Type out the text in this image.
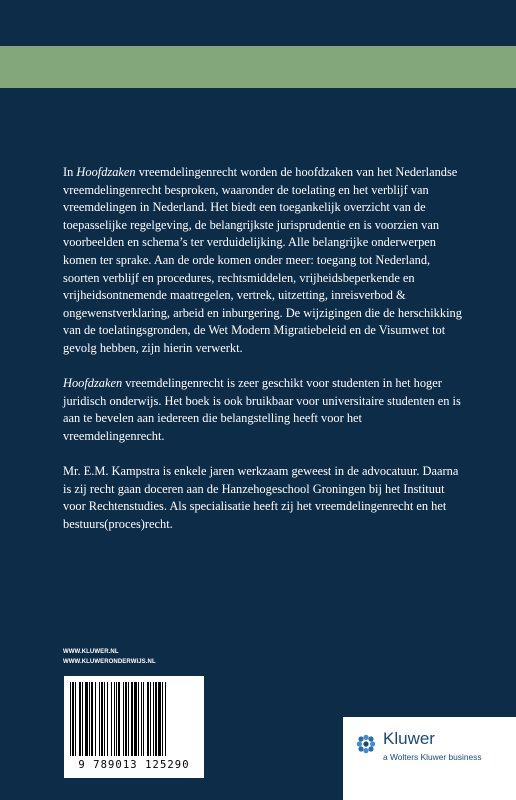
In Hoofdzaken vreemdelingenrecht worden de hoofdzaken van het Nederlandse vreemdelingenrecht besproken, waaronder de toelating en het verblijf van vreemdelingen in Nederland. Het biedt een toegankelijk overzicht van de toepasselijke regelgeving, de belangrijkste jurisprudentie en is voorzien van voorbeelden en schema’s ter verduidelijking. Alle belangrijke onderwerpen komen ter sprake. Aan de orde komen onder meer: toegang tot Nederland, soorten verblijf en procedures, rechtsmiddelen, vrijheidsbeperkende en vrijheidsontnemende maatregelen, vertrek, uitzetting, inreisverbod & ongewenstverklaring, arbeid en inburgering. De wijzigingen die de herschikking van de toelatingsgronden, de Wet Modern Migratiebeleid en de Visumwet tot gevolg hebben, zijn hierin verwerkt.

Hoofdzaken vreemdelingenrecht is zeer geschikt voor studenten in het hoger juridisch onderwijs. Het boek is ook bruikbaar voor universitaire studenten en is aan te bevelen aan iedereen die belangstelling heeft voor het vreemdelingenrecht.

Mr. E.M. Kampstra is enkele jaren werkzaam geweest in de advocatuur. Daarna is zij recht gaan doceren aan de Hanzehogeschool Groningen bij het Instituut voor Rechtenstudies. Als specialisatie heeft zij het vreemdelingenrecht en het bestuurs(proces)recht.

WWW.KLUWER.NL
WWW.KLUWERONDERWIJS.NL
9 789013 125290
Kluwer
a Wolters Kluwer business
